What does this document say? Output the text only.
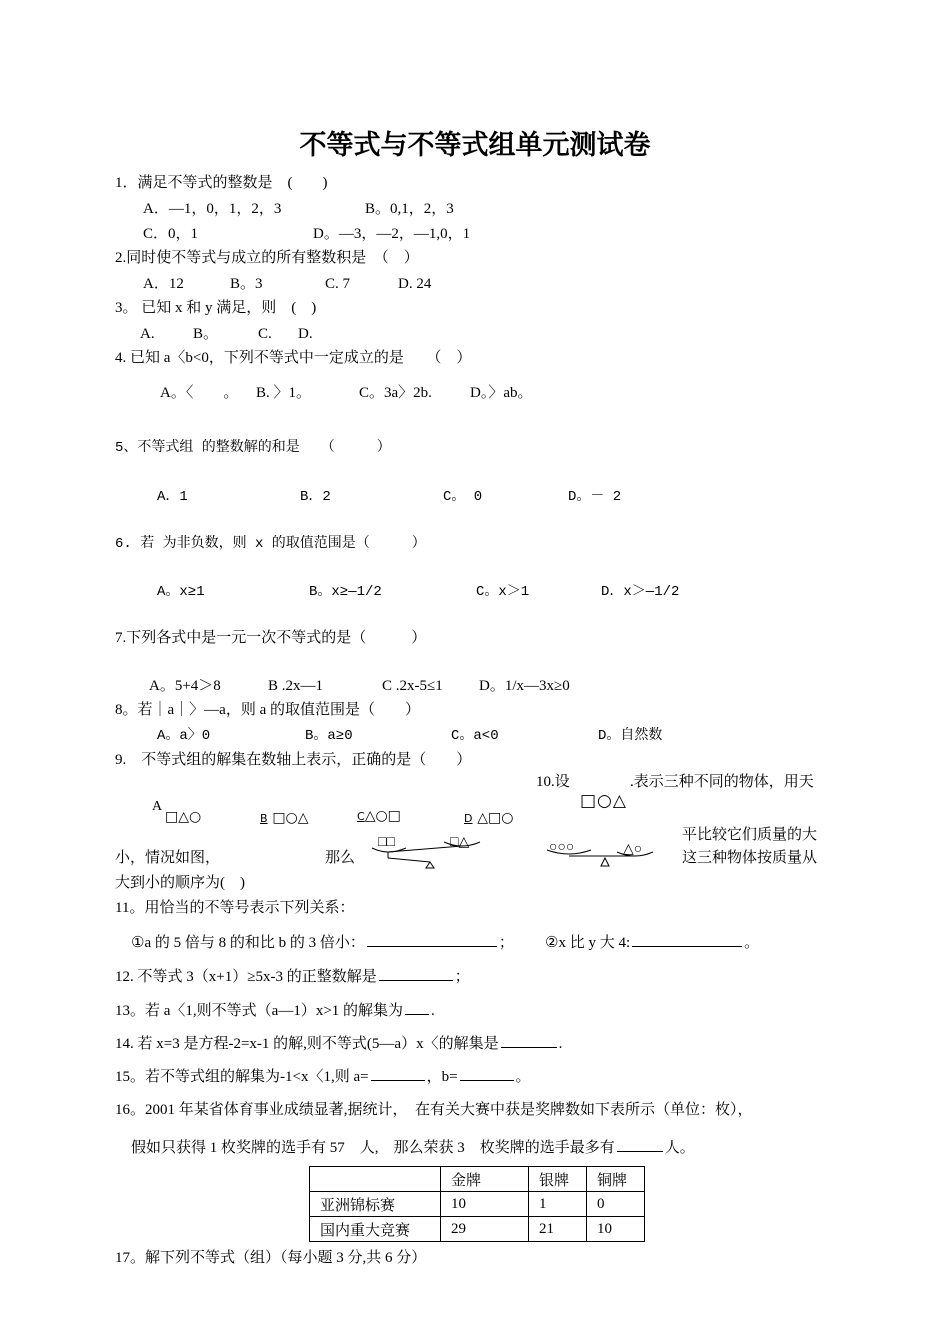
不等式与不等式组单元测试卷
1．满足不等式的整数是　(　　)
A．—1，0，1，2，3	B。0,1，2，3
C．0，1	D。—3，—2，—1,0，1
2.同时使不等式与成立的所有整数积是　（　）
A．12	B。3	C. 7	D. 24
3。 已知 x 和 y 满足，则　(　)
A.	B。	C. D.
4. 已知 a〈b<0，下列不等式中一定成立的是　　（　）
A。〈　　。 B. 〉1。	C。3a〉2b.	D。〉ab。
5、不等式组 的整数解的和是　　（　　　）
A．1	B．2	C。 0	D。－ 2
6. 若 为非负数，则 x 的取值范围是（　　　）
A。x≥1	B。x≥—1/2	C。x＞1	D．x＞—1/2
7.下列各式中是一元一次不等式的是（　　　）
A。5+4＞8	B .2x—1	C .2x-5≤1 D。1/x—3x≥0
8。若｜a｜〉—a，则 a 的取值范围是（　　）
A。a〉0	B。a≥0	C。a<0	D。自然数
9.　不等式组的解集在数轴上表示，正确的是（　　）
A
□△○	B □○△	C△○□	D △□○
10.设	.表示三种不同的物体，用天
□○△
平比较它们质量的大
小，情况如图，	那么	这三种物体按质量从
大到小的顺序为(　)
□□	□△	○○○	△○
11。用恰当的不等号表示下列关系：
①a 的 5 倍与 8 的和比 b 的 3 倍小：	； ②x 比 y 大 4:	。
12. 不等式 3（x+1）≥5x-3 的正整数解是	；
13。若 a〈1,则不等式（a—1）x>1 的解集为 .
14. 若 x=3 是方程-2=x-1 的解,则不等式(5—a）x〈的解集是	.
15。若不等式组的解集为-1<x〈1,则 a=	，b=	。
16。2001 年某省体育事业成绩显著,据统计，　在有关大赛中获是奖牌数如下表所示（单位：枚），
假如只获得 1 枚奖牌的选手有 57　人,　那么荣获 3　枚奖牌的选手最多有	人。
	金牌	银牌	铜牌
亚洲锦标赛	10	1	0
国内重大竞赛	29	21	10
17。解下列不等式（组）（每小题 3 分,共 6 分）
